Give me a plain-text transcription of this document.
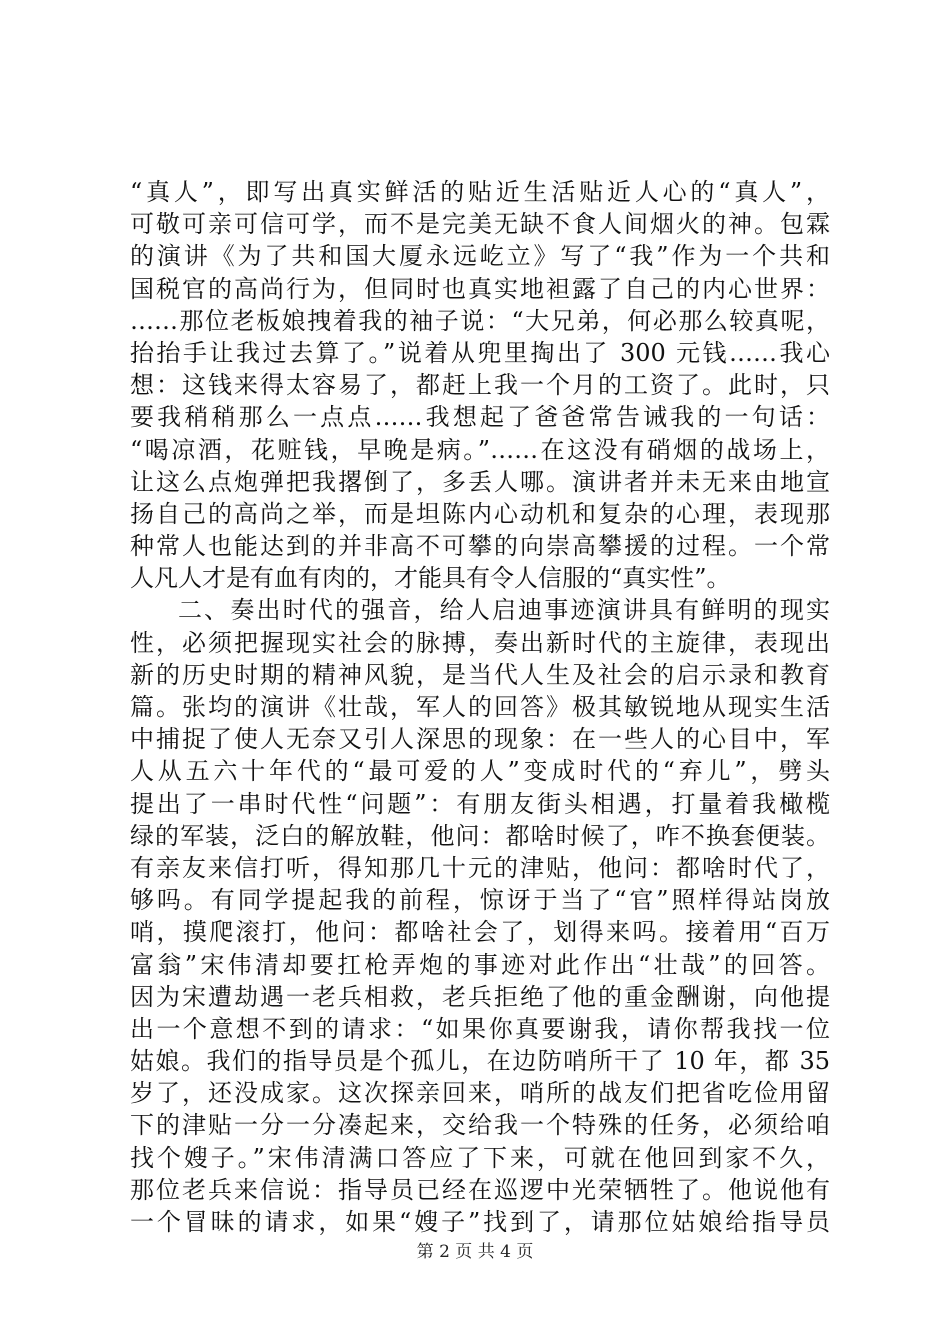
“真人”，即写出真实鲜活的贴近生活贴近人心的“真人”，
可敬可亲可信可学，而不是完美无缺不食人间烟火的神。包霖
的演讲《为了共和国大厦永远屹立》写了“我”作为一个共和
国税官的高尚行为，但同时也真实地袒露了自己的内心世界：
……那位老板娘拽着我的袖子说：“大兄弟，何必那么较真呢，
抬抬手让我过去算了。”说着从兜里掏出了 300 元钱……我心
想：这钱来得太容易了，都赶上我一个月的工资了。此时，只
要我稍稍那么一点点……我想起了爸爸常告诫我的一句话：
“喝凉酒，花赃钱，早晚是病。”……在这没有硝烟的战场上，
让这么点炮弹把我撂倒了，多丢人哪。演讲者并未无来由地宣
扬自己的高尚之举，而是坦陈内心动机和复杂的心理，表现那
种常人也能达到的并非高不可攀的向崇高攀援的过程。一个常
人凡人才是有血有肉的，才能具有令人信服的“真实性”。
二、奏出时代的强音，给人启迪事迹演讲具有鲜明的现实
性，必须把握现实社会的脉搏，奏出新时代的主旋律，表现出
新的历史时期的精神风貌，是当代人生及社会的启示录和教育
篇。张均的演讲《壮哉，军人的回答》极其敏锐地从现实生活
中捕捉了使人无奈又引人深思的现象：在一些人的心目中，军
人从五六十年代的“最可爱的人”变成时代的“弃儿”，劈头
提出了一串时代性“问题”：有朋友街头相遇，打量着我橄榄
绿的军装，泛白的解放鞋，他问：都啥时候了，咋不换套便装。
有亲友来信打听，得知那几十元的津贴，他问：都啥时代了，
够吗。有同学提起我的前程，惊讶于当了“官”照样得站岗放
哨，摸爬滚打，他问：都啥社会了，划得来吗。接着用“百万
富翁”宋伟清却要扛枪弄炮的事迹对此作出“壮哉”的回答。
因为宋遭劫遇一老兵相救，老兵拒绝了他的重金酬谢，向他提
出一个意想不到的请求：“如果你真要谢我，请你帮我找一位
姑娘。我们的指导员是个孤儿，在边防哨所干了 10 年，都 35
岁了，还没成家。这次探亲回来，哨所的战友们把省吃俭用留
下的津贴一分一分凑起来，交给我一个特殊的任务，必须给咱
找个嫂子。”宋伟清满口答应了下来，可就在他回到家不久，
那位老兵来信说：指导员已经在巡逻中光荣牺牲了。他说他有
一个冒昧的请求，如果“嫂子”找到了，请那位姑娘给指导员
第 2 页 共 4 页
